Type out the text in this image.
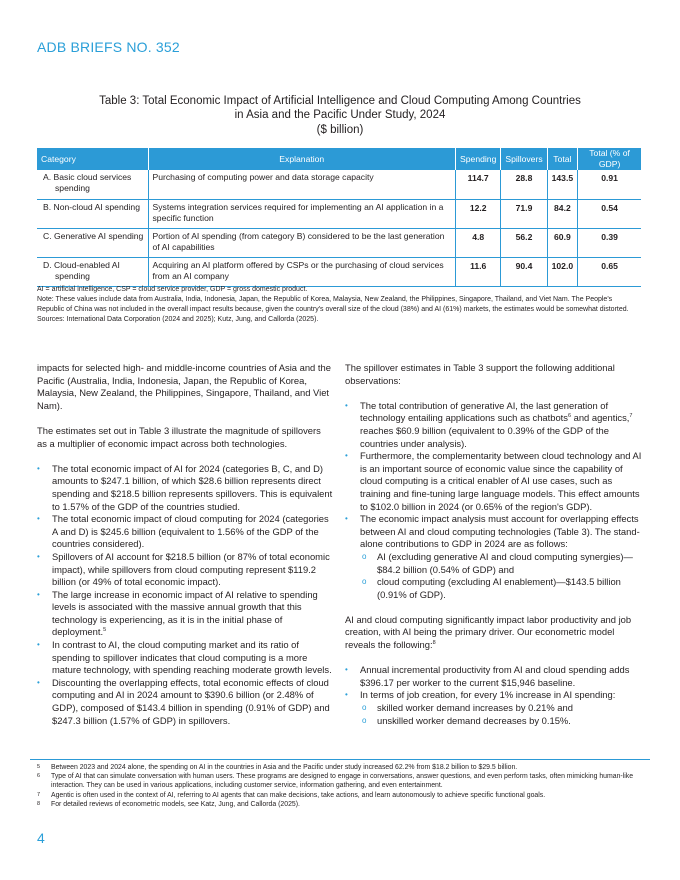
ADB BRIEFS NO. 352
Table 3: Total Economic Impact of Artificial Intelligence and Cloud Computing Among Countries
in Asia and the Pacific Under Study, 2024
($ billion)
Category	Explanation	Spending	Spillovers	Total	Total (% of GDP)

A. Basic cloud services spending	Purchasing of computing power and data storage capacity	114.7	28.8	143.5	0.91

B. Non-cloud AI spending	Systems integration services required for implementing an AI application in a specific function	12.2	71.9	84.2	0.54

C. Generative AI spending	Portion of AI spending (from category B) considered to be the last generation of AI capabilities	4.8	56.2	60.9	0.39

D. Cloud-enabled AI spending	Acquiring an AI platform offered by CSPs or the purchasing of cloud services from an AI company	11.6	90.4	102.0	0.65
AI = artificial intelligence, CSP = cloud service provider, GDP = gross domestic product.
Note: These values include data from Australia, India, Indonesia, Japan, the Republic of Korea, Malaysia, New Zealand, the Philippines, Singapore, Thailand, and Viet Nam. The People's Republic of China was not included in the overall impact results because, given the country's overall size of the cloud (38%) and AI (61%) markets, the estimates would be somewhat distorted.
Sources: International Data Corporation (2024 and 2025); Kutz, Jung, and Callorda (2025).

impacts for selected high- and middle-income countries of Asia and the Pacific (Australia, India, Indonesia, Japan, the Republic of Korea, Malaysia, New Zealand, the Philippines, Singapore, Thailand, and Viet Nam).

The estimates set out in Table 3 illustrate the magnitude of spillovers as a multiplier of economic impact across both technologies.

• The total economic impact of AI for 2024 (categories B, C, and D) amounts to $247.1 billion, of which $28.6 billion represents direct spending and $218.5 billion represents spillovers. This is equivalent to 1.57% of the GDP of the countries studied.
• The total economic impact of cloud computing for 2024 (categories A and D) is $245.6 billion (equivalent to 1.56% of the GDP of the countries considered).
• Spillovers of AI account for $218.5 billion (or 87% of total economic impact), while spillovers from cloud computing represent $119.2 billion (or 49% of total economic impact).
• The large increase in economic impact of AI relative to spending levels is associated with the massive annual growth that this technology is experiencing, as it is in the initial phase of deployment.$^5$
• In contrast to AI, the cloud computing market and its ratio of spending to spillover indicates that cloud computing is a more mature technology, with spending reaching moderate growth levels.
• Discounting the overlapping effects, total economic effects of cloud computing and AI in 2024 amount to $390.6 billion (or 2.48% of GDP), composed of $143.4 billion in spending (0.91% of GDP) and $247.3 billion (1.57% of GDP) in spillovers.

The spillover estimates in Table 3 support the following additional observations:

• The total contribution of generative AI, the last generation of technology entailing applications such as chatbots$^6$ and agentics,$^7$ reaches $60.9 billion (equivalent to 0.39% of the GDP of the countries under analysis).
• Furthermore, the complementarity between cloud technology and AI is an important source of economic value since the capability of cloud computing is a critical enabler of AI use cases, such as training and fine-tuning large language models. This effect amounts to $102.0 billion in 2024 (or 0.65% of the region's GDP).
• The economic impact analysis must account for overlapping effects between AI and cloud computing technologies (Table 3). The stand-alone contributions to GDP in 2024 are as follows:
o AI (excluding generative AI and cloud computing synergies)—$84.2 billion (0.54% of GDP) and
o cloud computing (excluding AI enablement)—$143.5 billion (0.91% of GDP).

AI and cloud computing significantly impact labor productivity and job creation, with AI being the primary driver. Our econometric model reveals the following:$^8$

• Annual incremental productivity from AI and cloud spending adds $396.17 per worker to the current $15,946 baseline.
• In terms of job creation, for every 1% increase in AI spending:
o skilled worker demand increases by 0.21% and
o unskilled worker demand decreases by 0.15%.
5 Between 2023 and 2024 alone, the spending on AI in the countries in Asia and the Pacific under study increased 62.2% from $18.2 billion to $29.5 billion.
6 Type of AI that can simulate conversation with human users. These programs are designed to engage in conversations, answer questions, and even perform tasks, often mimicking human-like interaction. They can be used in various applications, including customer service, information gathering, and even entertainment.
7 Agentic is often used in the context of AI, referring to AI agents that can make decisions, take actions, and learn autonomously to achieve specific functional goals.
8 For detailed reviews of econometric models, see Katz, Jung, and Callorda (2025).
4
